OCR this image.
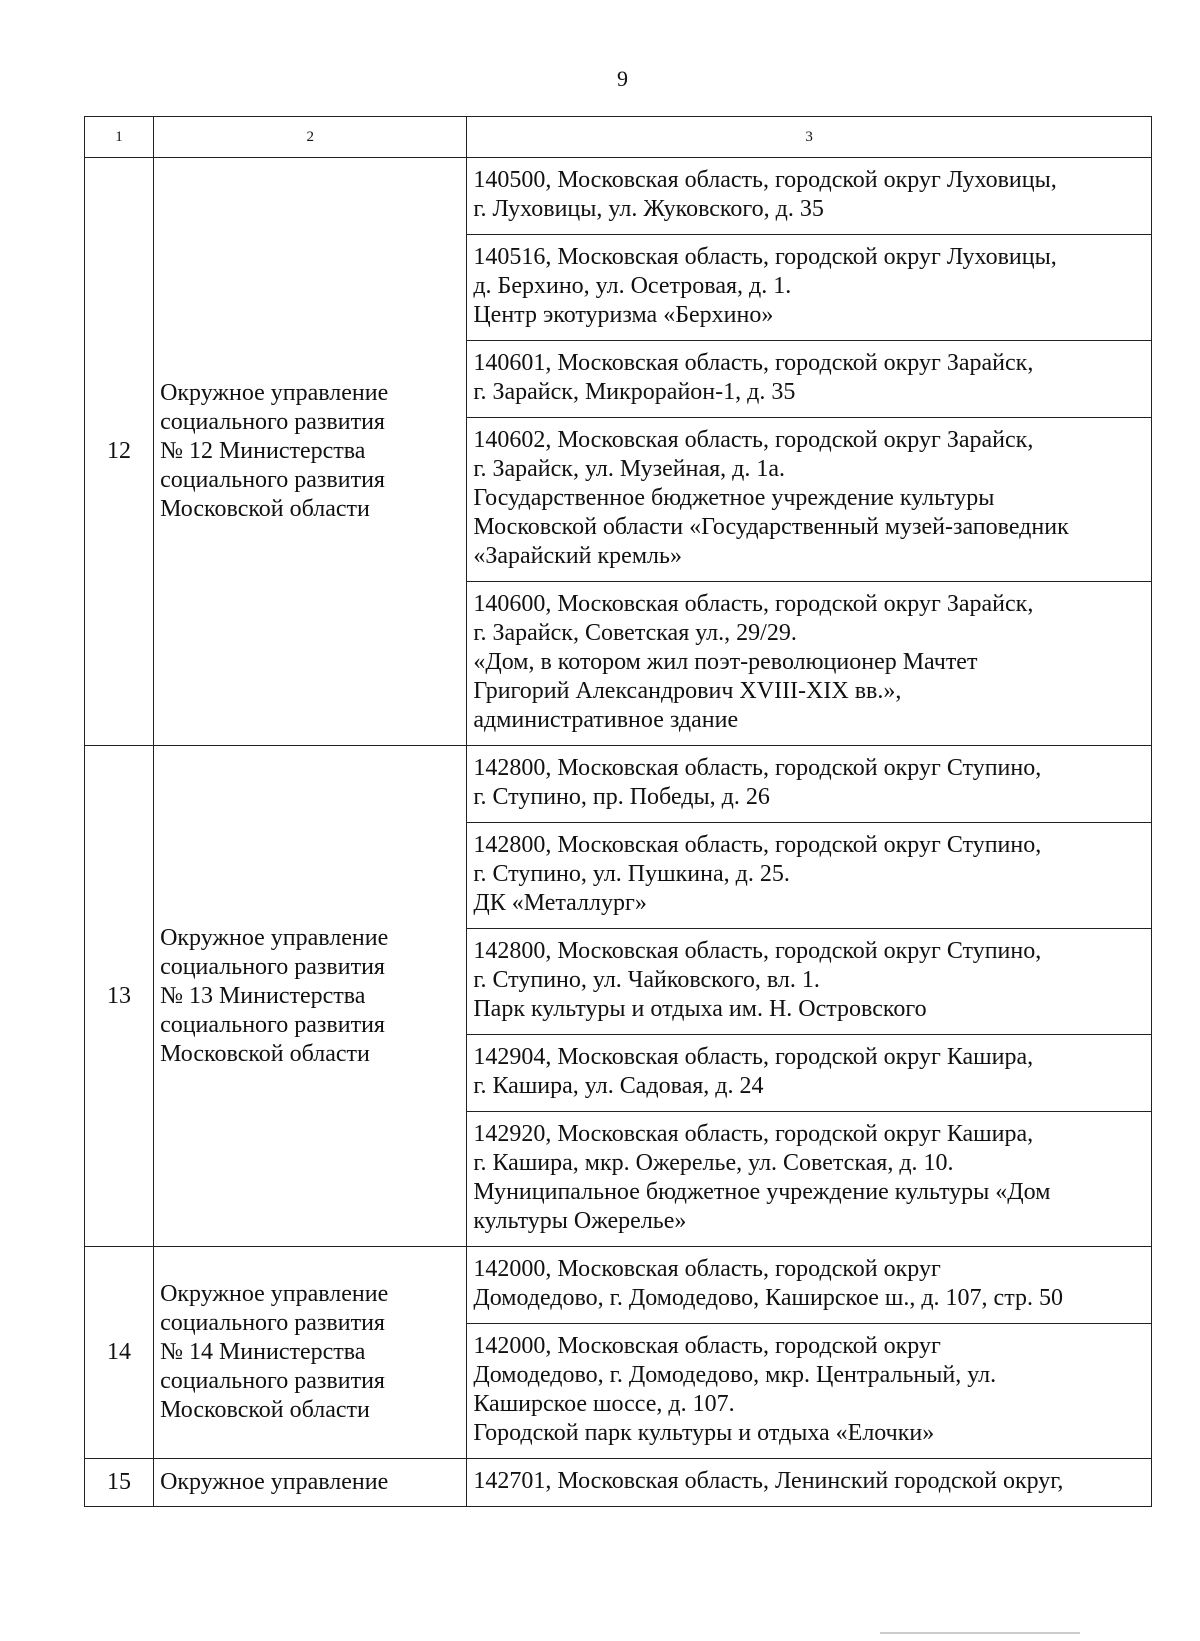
9
1	2	3
12	Окружное управление
социального развития
№ 12 Министерства
социального развития
Московской области	140500, Московская область, городской округ Луховицы,
г. Луховицы, ул. Жуковского, д. 35

		140516, Московская область, городской округ Луховицы,
д. Берхино, ул. Осетровая, д. 1.
Центр экотуризма «Берхино»

		140601, Московская область, городской округ Зарайск,
г. Зарайск, Микрорайон-1, д. 35

		140602, Московская область, городской округ Зарайск,
г. Зарайск, ул. Музейная, д. 1а.
Государственное бюджетное учреждение культуры
Московской области «Государственный музей-заповедник
«Зарайский кремль»

		140600, Московская область, городской округ Зарайск,
г. Зарайск, Советская ул., 29/29.
«Дом, в котором жил поэт-революционер Мачтет
Григорий Александрович XVIII-XIX вв.»,
административное здание

13	Окружное управление
социального развития
№ 13 Министерства
социального развития
Московской области	142800, Московская область, городской округ Ступино,
г. Ступино, пр. Победы, д. 26

		142800, Московская область, городской округ Ступино,
г. Ступино, ул. Пушкина, д. 25.
ДК «Металлург»

		142800, Московская область, городской округ Ступино,
г. Ступино, ул. Чайковского, вл. 1.
Парк культуры и отдыха им. Н. Островского

		142904, Московская область, городской округ Кашира,
г. Кашира, ул. Садовая, д. 24

		142920, Московская область, городской округ Кашира,
г. Кашира, мкр. Ожерелье, ул. Советская, д. 10.
Муниципальное бюджетное учреждение культуры «Дом
культуры Ожерелье»

14	Окружное управление
социального развития
№ 14 Министерства
социального развития
Московской области	142000, Московская область, городской округ
Домодедово, г. Домодедово, Каширское ш., д. 107, стр. 50

		142000, Московская область, городской округ
Домодедово, г. Домодедово, мкр. Центральный, ул.
Каширское шоссе, д. 107.
Городской парк культуры и отдыха «Елочки»

15	Окружное управление	142701, Московская область, Ленинский городской округ,
